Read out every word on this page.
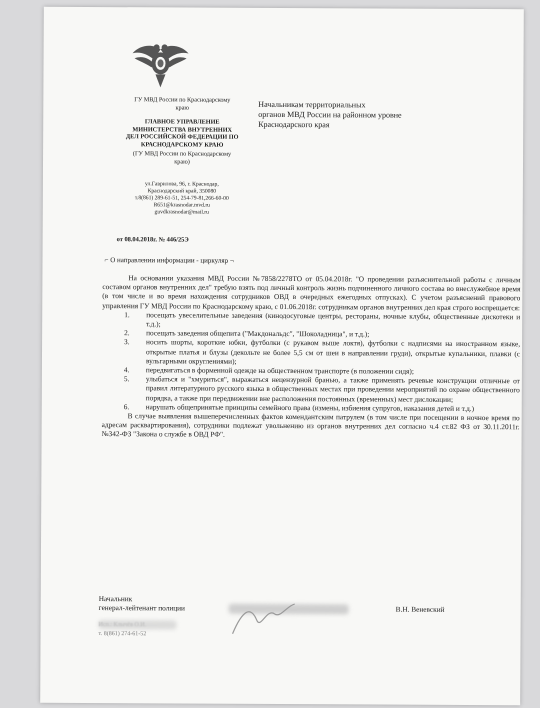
ГУ МВД России по Краснодарскому
краю
ГЛАВНОЕ УПРАВЛЕНИЕ
МИНИСТЕРСТВА ВНУТРЕННИХ
ДЕЛ РОССИЙСКОЙ ФЕДЕРАЦИИ ПО
КРАСНОДАРСКОМУ КРАЮ
(ГУ МВД России по Краснодарскому
краю)
ул.Гаврилова, 96, г. Краснодар,
Краснодарский край, 350080
т.8(861) 289-61-51, 254-79-81,266-60-00
R651@krasnodar.mvd.ru
guvdkrasnodar@mail.ru
от 08.04.2018г. № 446/25Э
Начальникам территориальных
органов МВД России на районном уровне
Краснодарского края
⌐ О направлении информации - циркуляр ¬

На основании указания МВД России №7858/2278ТО от 05.04.2018г. "О проведении разъяснительной работы с личным составом органов внутренних дел" требую взять под личный контроль жизнь подчиненного личного состава во внеслужебное время (в том числе и во время нахождения сотрудников ОВД в очередных ежегодных отпусках). С учетом разъяснений правового управления ГУ МВД России по Краснодарскому краю, с 01.06.2018г. сотрудникам органов внутренних дел края строго воспрещается:

1. посещать увеселительные заведения (кинодосуговые центры, рестораны, ночные клубы, общественные дискотеки и т.д.);
2. посещать заведения общепита ("Макдональдс", "Шоколадница", и т.д.);
3. носить шорты, короткие юбки, футболки (с рукавом выше локтя), футболки с надписями на иностранном языке, открытые платья и блузы (декольте не более 5,5 см от шеи в направлении груди), открытые купальники, плавки (с вульгарными округлениями);
4. передвигаться в форменной одежде на общественном транспорте (в положении сидя);
5. улыбаться и "хмуриться", выражаться нецензурной бранью, а также применять речевые конструкции отличные от правил литературного русского языка в общественных местах при проведении мероприятий по охране общественного порядка, а также при передвижении вне расположения постоянных (временных) мест дислокации;
6. нарушать общепринятые принципы семейного права (измены, избиения супругов, наказания детей и т.д.)

В случае выявления вышеперечисленных фактов комендантским патрулем (в том числе при посещении в ночное время по адресам расквартирования), сотрудники подлежат увольнению из органов внутренних дел согласно ч.4 ст.82 ФЗ от 30.11.2011г. №342-ФЗ "Закона о службе в ОВД РФ".

Начальник
генерал-лейтенант полиции	В.Н. Веневский
т. 8(861) 274-61-52
